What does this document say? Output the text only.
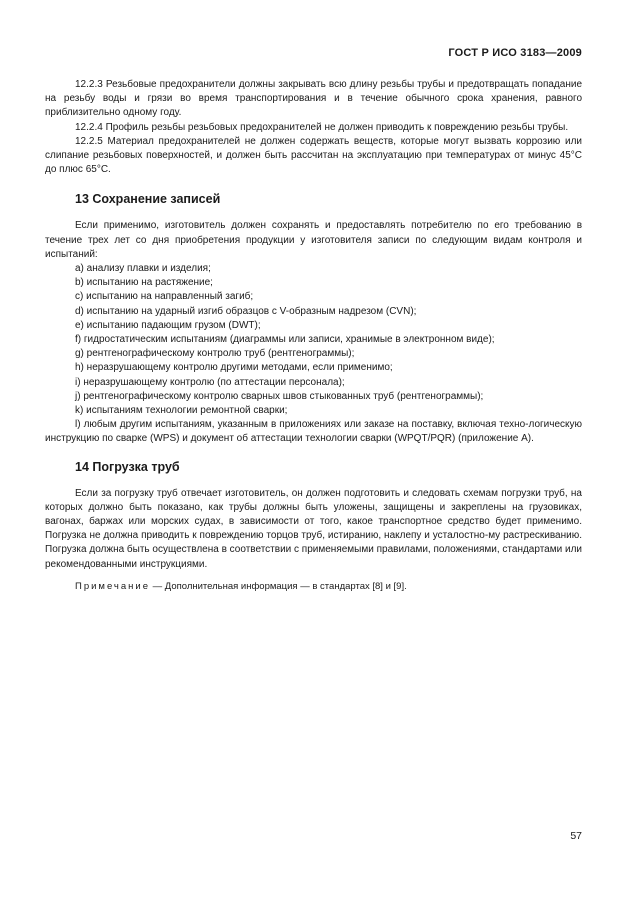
ГОСТ Р ИСО 3183—2009

12.2.3 Резьбовые предохранители должны закрывать всю длину резьбы трубы и предотвращать попадание на резьбу воды и грязи во время транспортирования и в течение обычного срока хранения, равного приблизительно одному году.

12.2.4 Профиль резьбы резьбовых предохранителей не должен приводить к повреждению резьбы трубы.

12.2.5 Материал предохранителей не должен содержать веществ, которые могут вызвать коррозию или слипание резьбовых поверхностей, и должен быть рассчитан на эксплуатацию при температурах от минус 45°C до плюс 65°C.

13 Сохранение записей

Если применимо, изготовитель должен сохранять и предоставлять потребителю по его требованию в течение трех лет со дня приобретения продукции у изготовителя записи по следующим видам контроля и испытаний:

a) анализу плавки и изделия;
b) испытанию на растяжение;
c) испытанию на направленный загиб;
d) испытанию на ударный изгиб образцов с V-образным надрезом (CVN);
e) испытанию падающим грузом (DWT);
f) гидростатическим испытаниям (диаграммы или записи, хранимые в электронном виде);
g) рентгенографическому контролю труб (рентгенограммы);
h) неразрушающему контролю другими методами, если применимо;
i) неразрушающему контролю (по аттестации персонала);
j) рентгенографическому контролю сварных швов стыкованных труб (рентгенограммы);
k) испытаниям технологии ремонтной сварки;

l) любым другим испытаниям, указанным в приложениях или заказе на поставку, включая техно-логическую инструкцию по сварке (WPS) и документ об аттестации технологии сварки (WPQT/PQR) (приложение А).

14 Погрузка труб

Если за погрузку труб отвечает изготовитель, он должен подготовить и следовать схемам погрузки труб, на которых должно быть показано, как трубы должны быть уложены, защищены и закреплены на грузовиках, вагонах, баржах или морских судах, в зависимости от того, какое транспортное средство будет применимо. Погрузка не должна приводить к повреждению торцов труб, истиранию, наклепу и усталостно-му растрескиванию. Погрузка должна быть осуществлена в соответствии с применяемыми правилами, положениями, стандартами или рекомендованными инструкциями.

Примечание — Дополнительная информация — в стандартах [8] и [9].

57
